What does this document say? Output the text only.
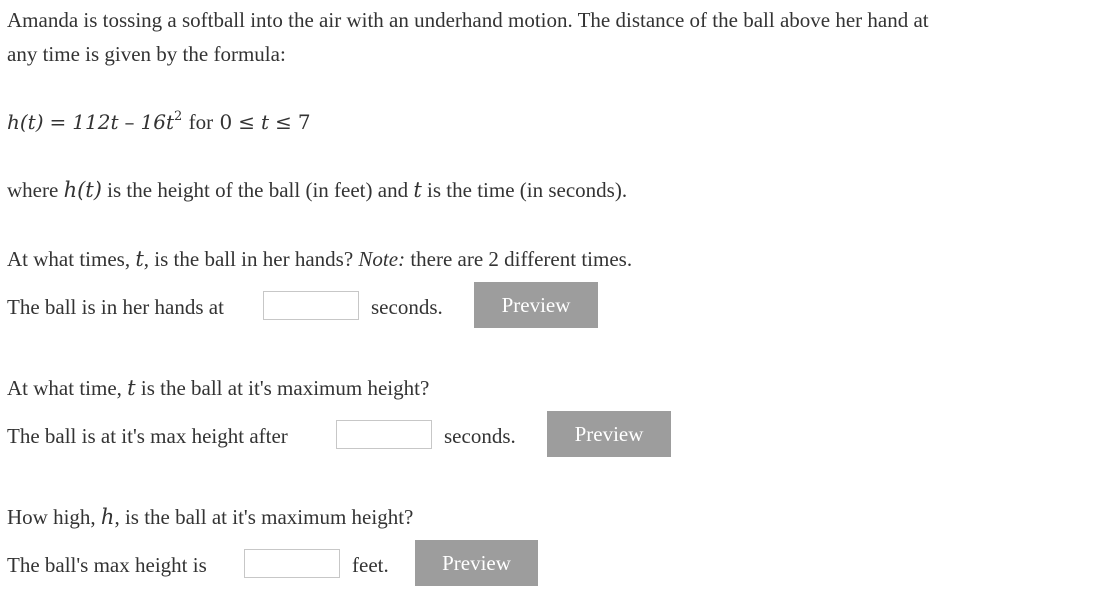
Amanda is tossing a softball into the air with an underhand motion. The distance of the ball above her hand at
any time is given by the formula:
$h(t) = 112t - 16t^2$ for 0 ≤ t ≤ 7
where h(t) is the height of the ball (in feet) and t is the time (in seconds).
At what times, t, is the ball in her hands? Note: there are 2 different times.
The ball is in her hands at	seconds.	Preview
At what time, t is the ball at it's maximum height?
The ball is at it's max height after	seconds.	Preview
How high, h, is the ball at it's maximum height?
The ball's max height is	feet.	Preview
